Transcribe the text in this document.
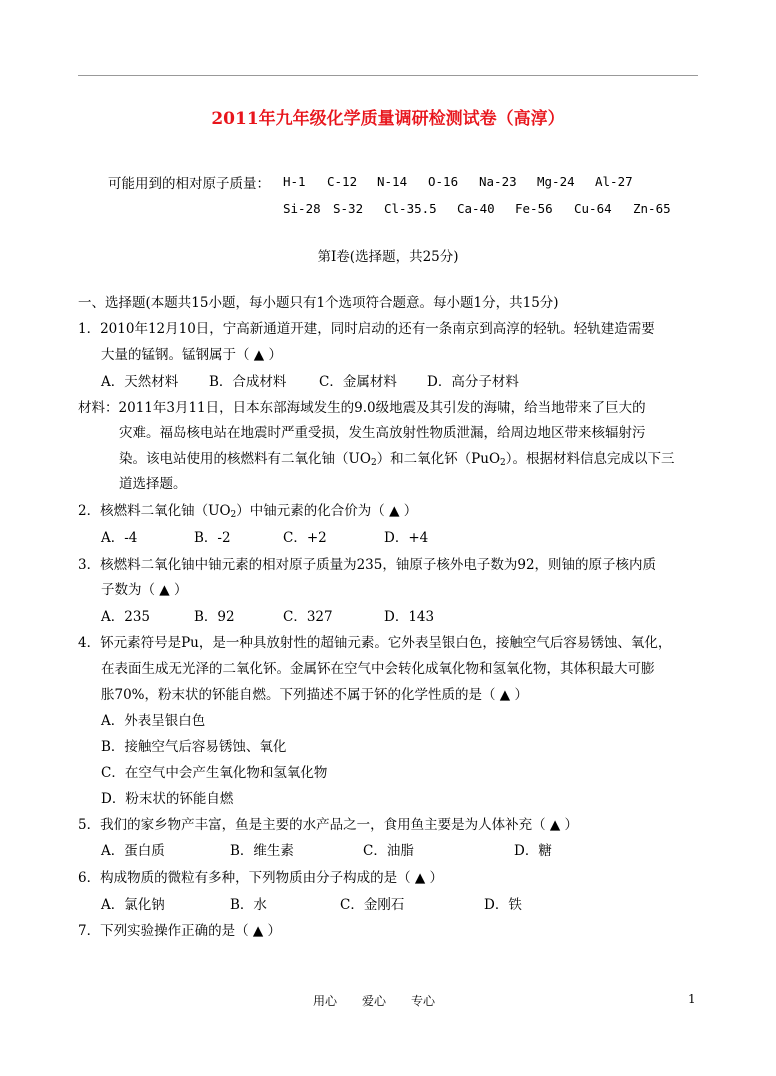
2011年九年级化学质量调研检测试卷（高淳）
可能用到的相对原子质量： H-1 C-12 N-14 O-16 Na-23 Mg-24 Al-27
Si-28 S-32 Cl-35.5 Ca-40 Fe-56 Cu-64 Zn-65
第Ⅰ卷(选择题，共25分)
一、选择题(本题共15小题，每小题只有1个选项符合题意。每小题1分，共15分)
1．2010年12月10日，宁高新通道开建，同时启动的还有一条南京到高淳的轻轨。轻轨建造需要
大量的锰钢。锰钢属于（ ▲ ）
A．天然材料 B．合成材料 C．金属材料 D．高分子材料
材料：2011年3月11日，日本东部海域发生的9.0级地震及其引发的海啸，给当地带来了巨大的
灾难。福岛核电站在地震时严重受损，发生高放射性物质泄漏，给周边地区带来核辐射污
染。该电站使用的核燃料有二氧化铀$(UO_2)$和二氧化钚（PuO$_2$）。根据材料信息完成以下三
道选择题。
2．核燃料二氧化铀$(UO_2)$中铀元素的化合价为（ ▲ ）
A．-4	B．-2	C．+2	D．+4
3．核燃料二氧化铀中铀元素的相对原子质量为235，铀原子核外电子数为92，则铀的原子核内质
子数为（ ▲ ）
A．235	B．92	C．327	D．143
4．钚元素符号是Pu，是一种具放射性的超铀元素。它外表呈银白色，接触空气后容易锈蚀、氧化，
在表面生成无光泽的二氧化钚。金属钚在空气中会转化成氧化物和氢氧化物，其体积最大可膨
胀70%，粉末状的钚能自燃。下列描述不属于钚的化学性质的是（ ▲ ）
A．外表呈银白色
B．接触空气后容易锈蚀、氧化
C．在空气中会产生氧化物和氢氧化物
D．粉末状的钚能自燃
5．我们的家乡物产丰富，鱼是主要的水产品之一，食用鱼主要是为人体补充（ ▲ ）
A．蛋白质	B．维生素	C．油脂	D．糖
6．构成物质的微粒有多种，下列物质由分子构成的是（ ▲ ）
A．氯化钠	B．水	C．金刚石	D．铁
7．下列实验操作正确的是（ ▲ ）
用心 爱心 专心	1
